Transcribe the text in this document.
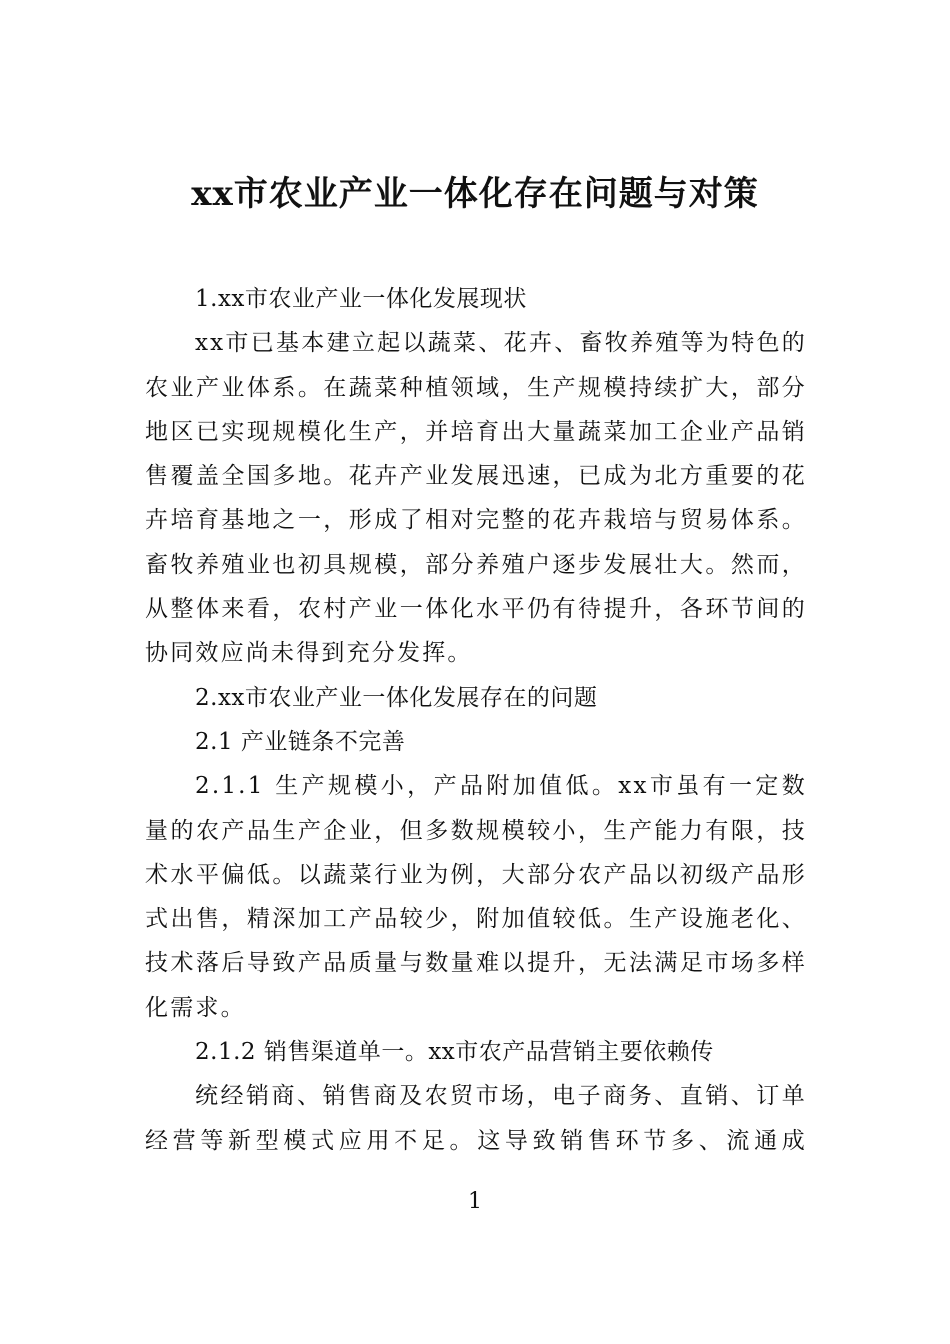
xx市农业产业一体化存在问题与对策

1.xx市农业产业一体化发展现状

xx市已基本建立起以蔬菜、花卉、畜牧养殖等为特色的农业产业体系。在蔬菜种植领域，生产规模持续扩大，部分地区已实现规模化生产，并培育出大量蔬菜加工企业产品销售覆盖全国多地。花卉产业发展迅速，已成为北方重要的花卉培育基地之一，形成了相对完整的花卉栽培与贸易体系。畜牧养殖业也初具规模，部分养殖户逐步发展壮大。然而，从整体来看，农村产业一体化水平仍有待提升，各环节间的协同效应尚未得到充分发挥。

2.xx市农业产业一体化发展存在的问题

2.1 产业链条不完善

2.1.1 生产规模小，产品附加值低。xx市虽有一定数量的农产品生产企业，但多数规模较小，生产能力有限，技术水平偏低。以蔬菜行业为例，大部分农产品以初级产品形式出售，精深加工产品较少，附加值较低。生产设施老化、技术落后导致产品质量与数量难以提升，无法满足市场多样化需求。

2.1.2 销售渠道单一。xx市农产品营销主要依赖传

统经销商、销售商及农贸市场，电子商务、直销、订单经营等新型模式应用不足。这导致销售环节多、流通成

1
